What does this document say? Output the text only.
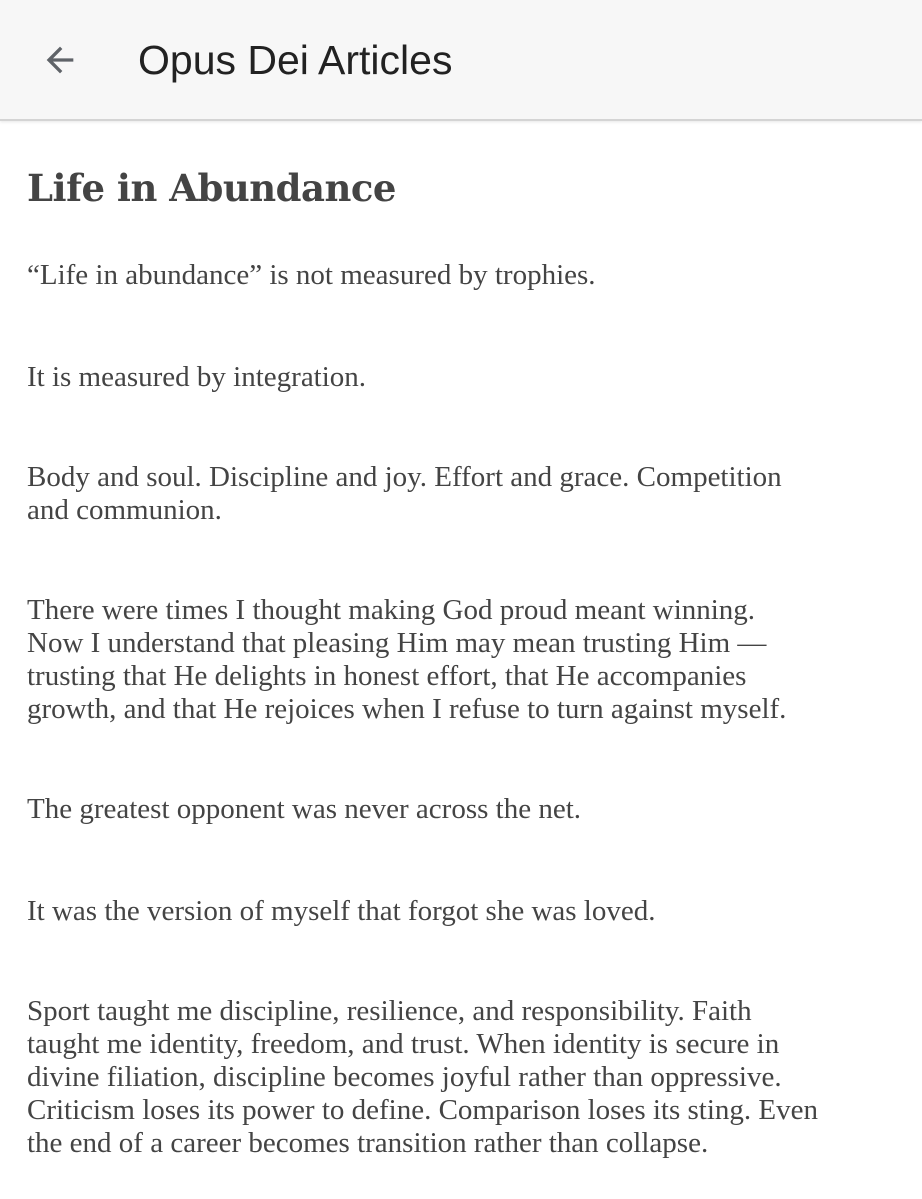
Opus Dei Articles
Life in Abundance

“Life in abundance” is not measured by trophies.

It is measured by integration.

Body and soul. Discipline and joy. Effort and grace. Competition
and communion.

There were times I thought making God proud meant winning.
Now I understand that pleasing Him may mean trusting Him —
trusting that He delights in honest effort, that He accompanies
growth, and that He rejoices when I refuse to turn against myself.

The greatest opponent was never across the net.

It was the version of myself that forgot she was loved.

Sport taught me discipline, resilience, and responsibility. Faith
taught me identity, freedom, and trust. When identity is secure in
divine filiation, discipline becomes joyful rather than oppressive.
Criticism loses its power to define. Comparison loses its sting. Even
the end of a career becomes transition rather than collapse.
